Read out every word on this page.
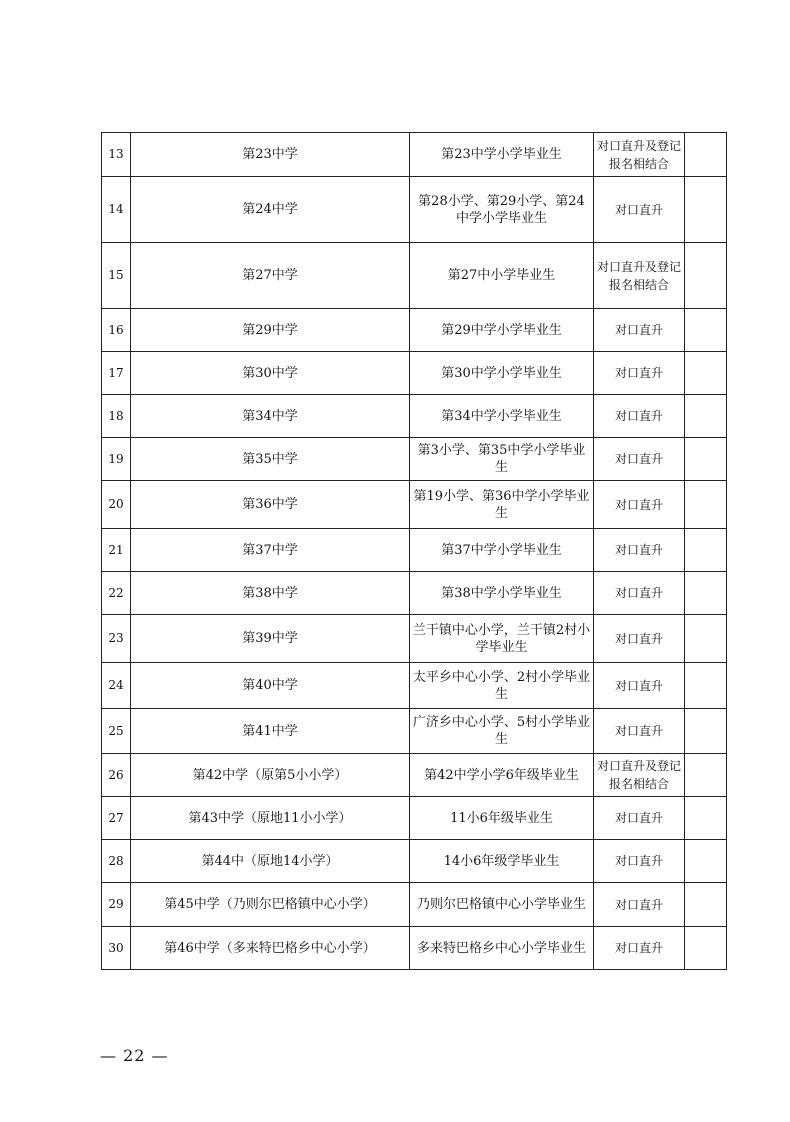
13	第23中学	第23中学小学毕业生	对口直升及登记报名相结合	
14	第24中学	第28小学、第29小学、第24中学小学毕业生	对口直升	
15	第27中学	第27中小学毕业生	对口直升及登记报名相结合	
16	第29中学	第29中学小学毕业生	对口直升	
17	第30中学	第30中学小学毕业生	对口直升	
18	第34中学	第34中学小学毕业生	对口直升	
19	第35中学	第3小学、第35中学小学毕业生	对口直升	
20	第36中学	第19小学、第36中学小学毕业生	对口直升	
21	第37中学	第37中学小学毕业生	对口直升	
22	第38中学	第38中学小学毕业生	对口直升	
23	第39中学	兰干镇中心小学，兰干镇2村小学毕业生	对口直升	
24	第40中学	太平乡中心小学、2村小学毕业生	对口直升	
25	第41中学	广济乡中心小学、5村小学毕业生	对口直升	
26	第42中学（原第5小小学）	第42中学小学6年级毕业生	对口直升及登记报名相结合	
27	第43中学（原地11小小学）	11小6年级毕业生	对口直升	
28	第44中（原地14小学）	14小6年级学毕业生	对口直升	
29	第45中学（乃则尔巴格镇中心小学）	乃则尔巴格镇中心小学毕业生	对口直升	
30	第46中学（多来特巴格乡中心小学）	多来特巴格乡中心小学毕业生	对口直升	
— 22 —
